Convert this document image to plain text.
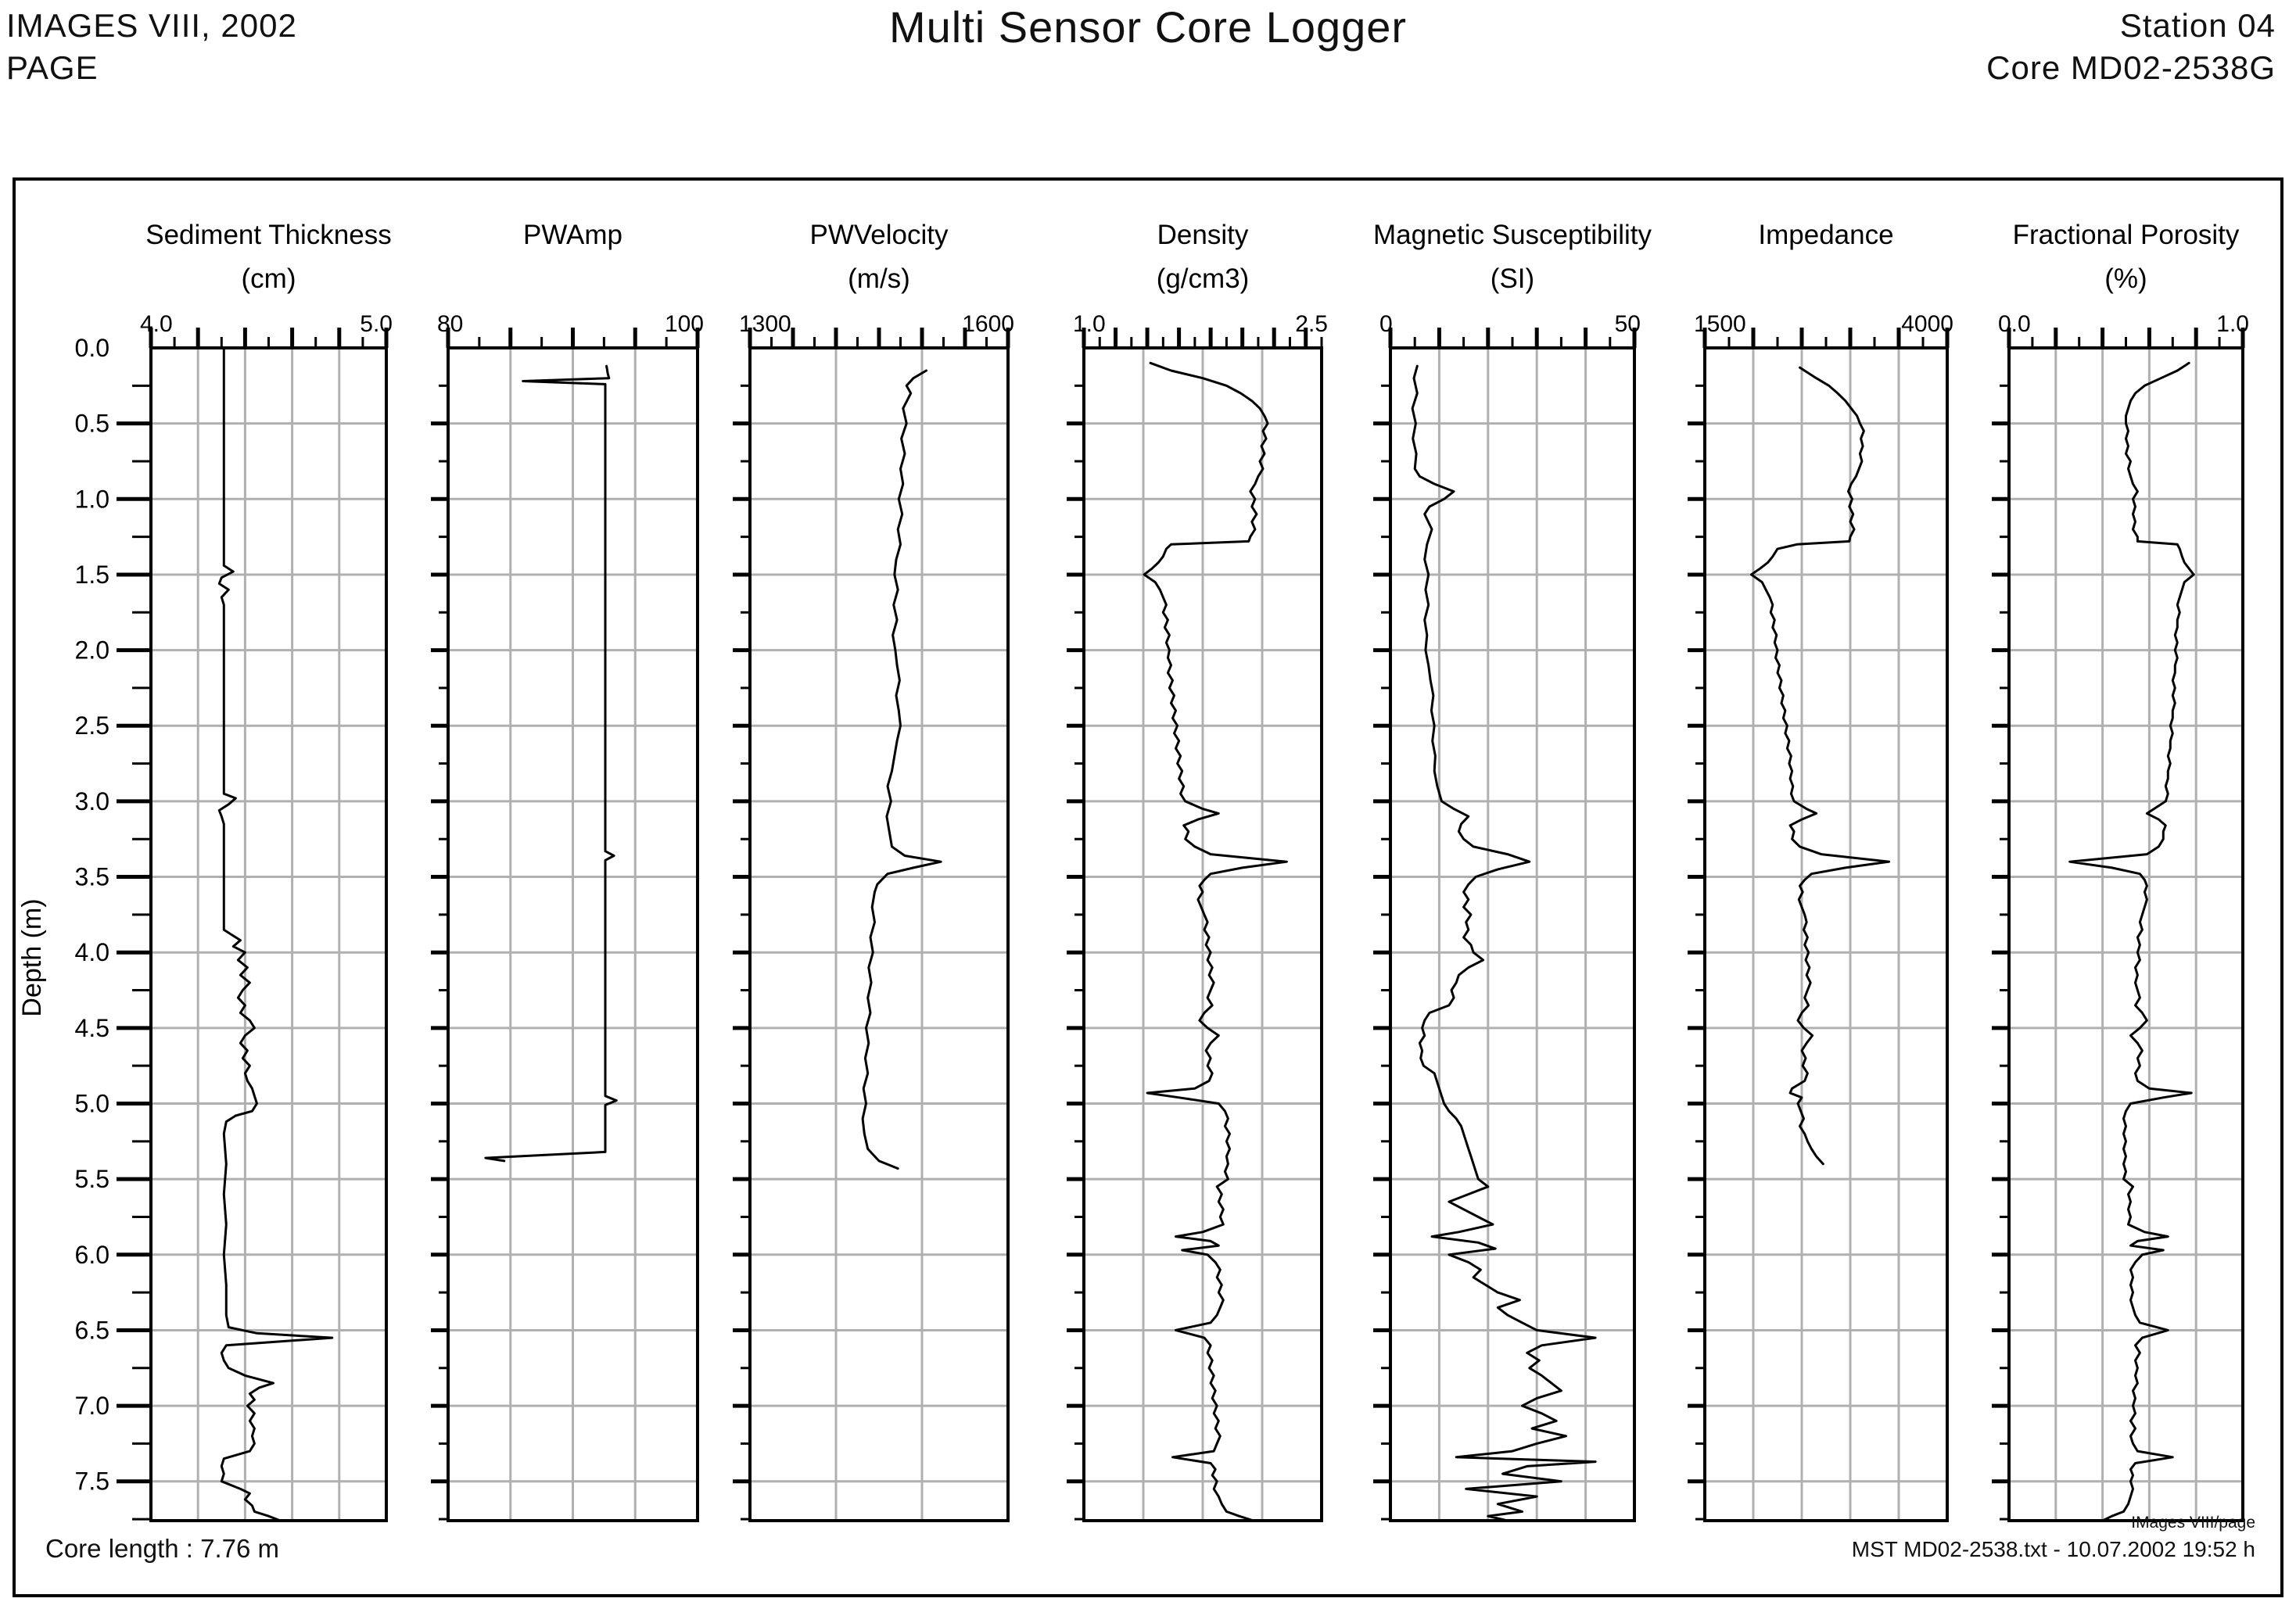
IMAGES VIII, 2002
PAGE
Multi Sensor Core Logger	Station 04
Core MD02-2538G
0.0
0.5
1.0
1.5
2.0
2.5
3.0
3.5
4.0
4.5
5.0
5.5
6.0
6.5
7.0
7.5
Depth (m)
Sediment Thickness
(cm)
4.0	5.0
PWAmp
80	100
PWVelocity
(m/s)
1300	1600
Density
(g/cm3)
1.0	2.5
Magnetic Susceptibility
(SI)
0	50
Impedance
1500	4000
Fractional Porosity
(%)
0.0	1.0
Core length : 7.76 m
IMages VIII/page
MST MD02-2538.txt - 10.07.2002 19:52 h
